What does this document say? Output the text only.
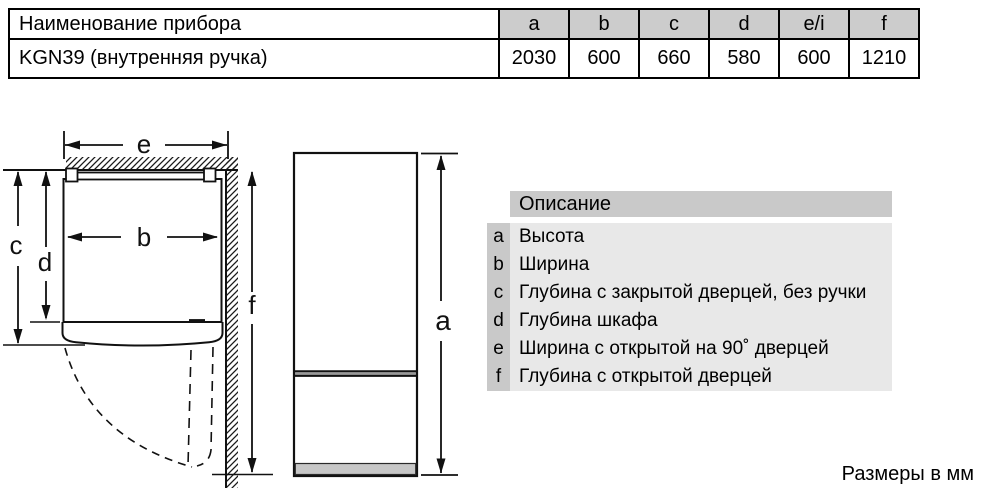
Наименование прибора	a	b	c	d	e/i	f
KGN39 (внутренняя ручка)	2030	600	660	580	600	1210
e
b
c
d
f	a
Описание
a Высота
b Ширина
c Глубина с закрытой дверцей, без ручки
d Глубина шкафа
e Ширина с открытой на 90˚ дверцей
f Глубина с открытой дверцей
Размеры в мм
